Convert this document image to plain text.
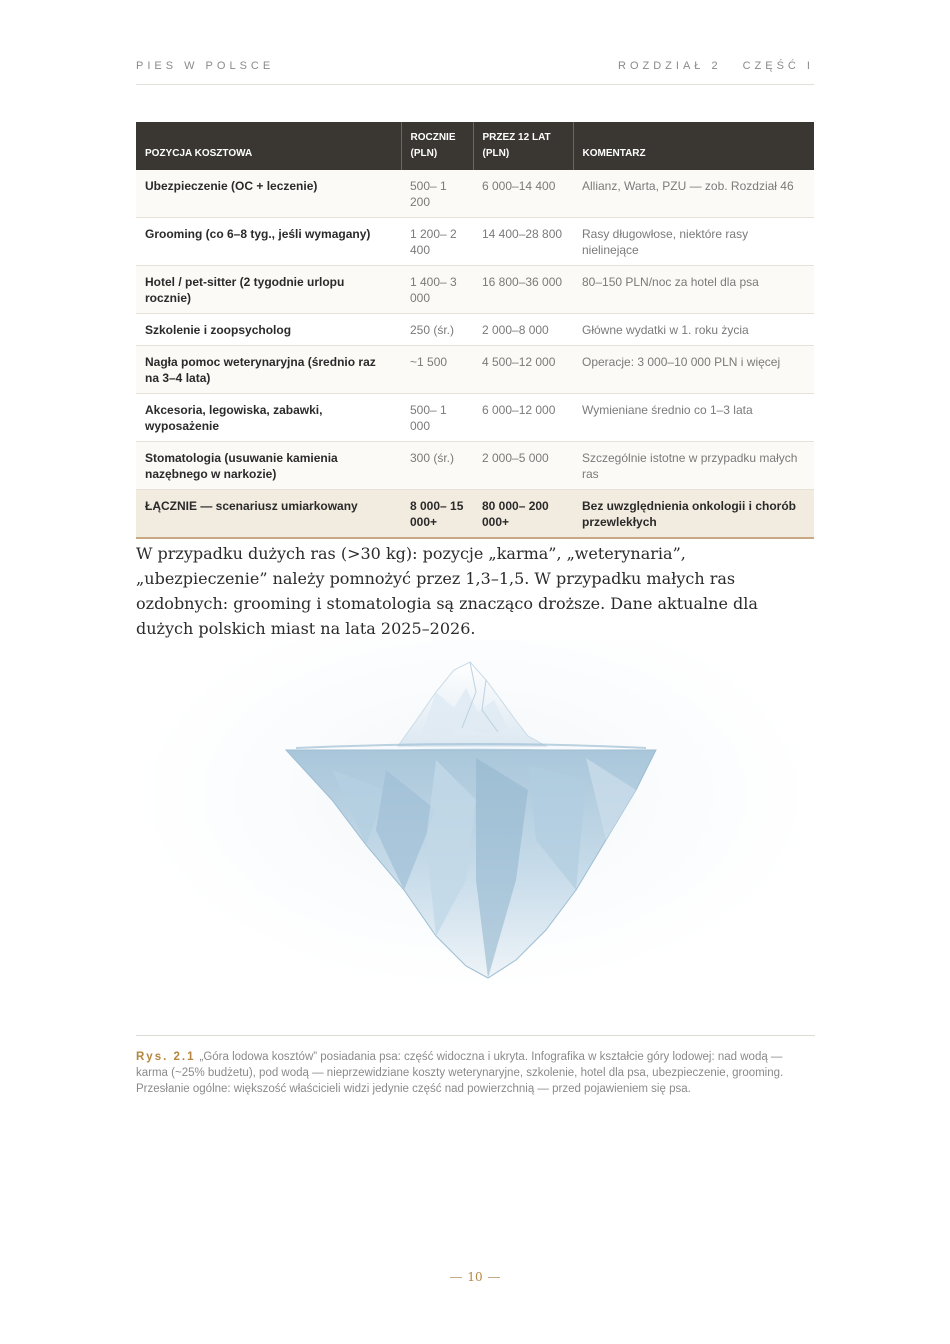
PIES W POLSCE	ROZDZIAŁ 2 CZĘŚĆ I
POZYCJA KOSZTOWA	ROCZNIE (PLN)	PRZEZ 12 LAT (PLN)	KOMENTARZ
Ubezpieczenie (OC + leczenie)	500– 1 200	6 000–14 400	Allianz, Warta, PZU — zob. Rozdział 46
Grooming (co 6–8 tyg., jeśli wymagany)	1 200– 2 400	14 400–28 800	Rasy długowłose, niektóre rasy nielinejące
Hotel / pet-sitter (2 tygodnie urlopu rocznie)	1 400– 3 000	16 800–36 000	80–150 PLN/noc za hotel dla psa
Szkolenie i zoopsycholog	250 (śr.)	2 000–8 000	Główne wydatki w 1. roku życia
Nagła pomoc weterynaryjna (średnio raz na 3–4 lata)	~1 500	4 500–12 000	Operacje: 3 000–10 000 PLN i więcej
Akcesoria, legowiska, zabawki, wyposażenie	500– 1 000	6 000–12 000	Wymieniane średnio co 1–3 lata
Stomatologia (usuwanie kamienia nazębnego w narkozie)	300 (śr.)	2 000–5 000	Szczególnie istotne w przypadku małych ras
ŁĄCZNIE — scenariusz umiarkowany	8 000– 15 000+	80 000– 200 000+	Bez uwzględnienia onkologii i chorób przewlekłych

W przypadku dużych ras (>30 kg): pozycje „karma”, „weterynaria”, „ubezpieczenie” należy pomnożyć przez 1,3–1,5. W przypadku małych ras ozdobnych: grooming i stomatologia są znacząco droższe. Dane aktualne dla dużych polskich miast na lata 2025–2026.

Rys. 2.1 „Góra lodowa kosztów” posiadania psa: część widoczna i ukryta. Infografika w kształcie góry lodowej: nad wodą — karma (~25% budżetu), pod wodą — nieprzewidziane koszty weterynaryjne, szkolenie, hotel dla psa, ubezpieczenie, grooming. Przesłanie ogólne: większość właścicieli widzi jedynie część nad powierzchnią — przed pojawieniem się psa.

10
